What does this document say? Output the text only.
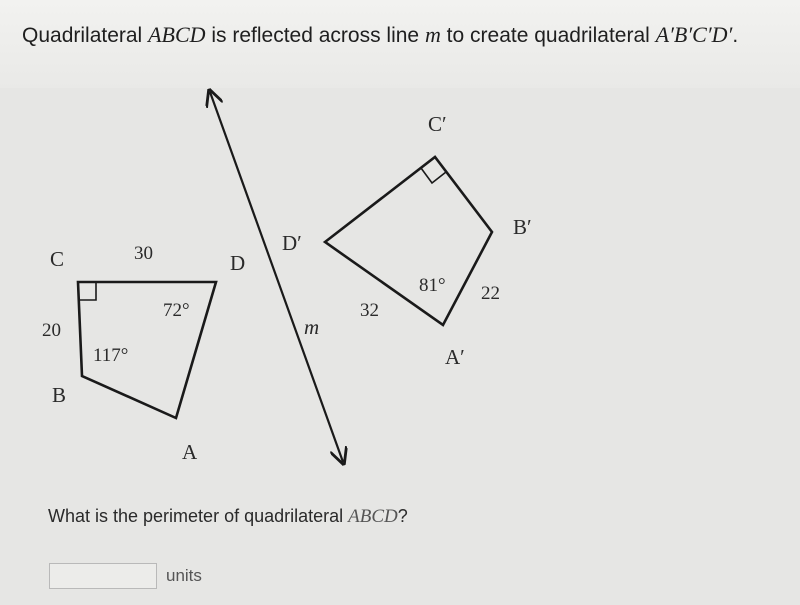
Quadrilateral ABCD is reflected across line m to create quadrilateral A′B′C′D′.
m
C	D
B
A
30
20
72°
117°
C′
D′
B′
A′
32
22
81°
What is the perimeter of quadrilateral ABCD?
units
